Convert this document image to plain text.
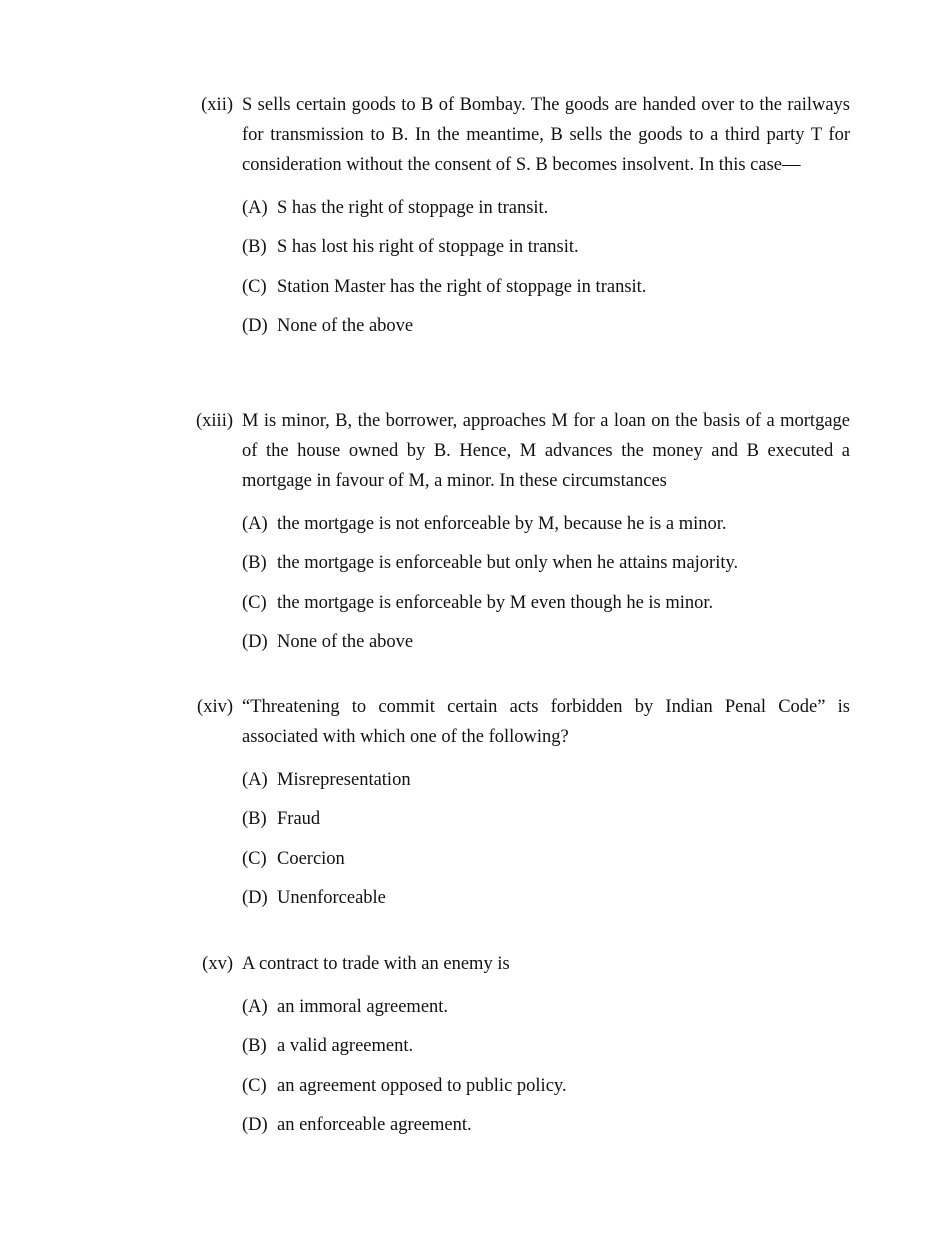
(xii) S sells certain goods to B of Bombay. The goods are handed over to the railways for transmission to B. In the meantime, B sells the goods to a third party T for consideration without the consent of S. B becomes insolvent. In this case—
(A) S has the right of stoppage in transit.
(B) S has lost his right of stoppage in transit.
(C) Station Master has the right of stoppage in transit.
(D) None of the above
(xiii) M is minor, B, the borrower, approaches M for a loan on the basis of a mortgage of the house owned by B. Hence, M advances the money and B executed a mortgage in favour of M, a minor. In these circumstances
(A) the mortgage is not enforceable by M, because he is a minor.
(B) the mortgage is enforceable but only when he attains majority.
(C) the mortgage is enforceable by M even though he is minor.
(D) None of the above
(xiv) “Threatening to commit certain acts forbidden by Indian Penal Code” is associated with which one of the following?
(A) Misrepresentation
(B) Fraud
(C) Coercion
(D) Unenforceable
(xv) A contract to trade with an enemy is
(A) an immoral agreement.
(B) a valid agreement.
(C) an agreement opposed to public policy.
(D) an enforceable agreement.
